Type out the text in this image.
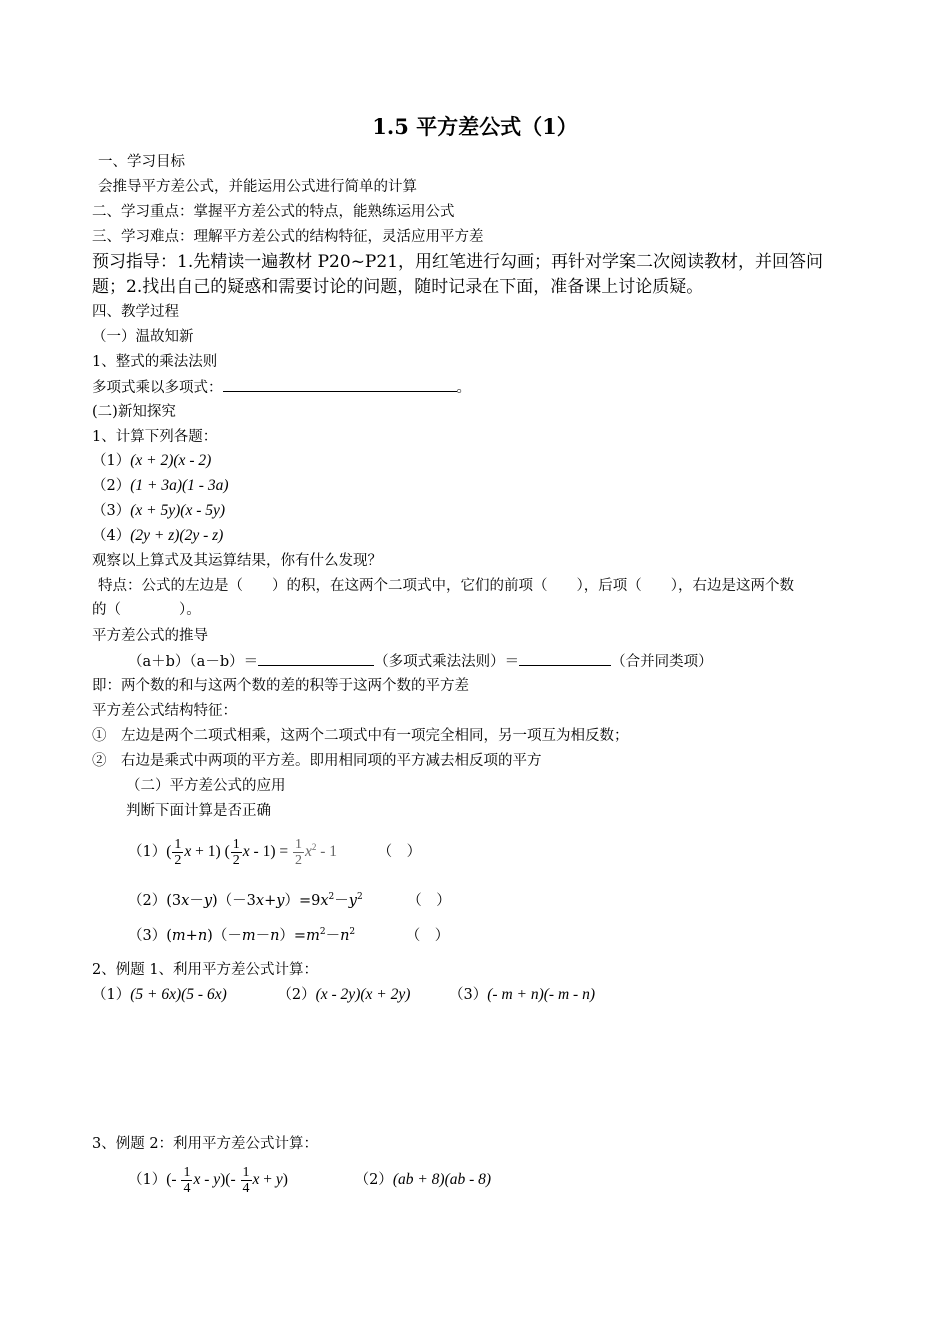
1.5 平方差公式（1）
一、学习目标
会推导平方差公式，并能运用公式进行简单的计算
二、学习重点：掌握平方差公式的特点，能熟练运用公式
三、学习难点：理解平方差公式的结构特征，灵活应用平方差
预习指导：1.先精读一遍教材 P20~P21，用红笔进行勾画；再针对学案二次阅读教材，并回答问
题；2.找出自己的疑惑和需要讨论的问题，随时记录在下面，准备课上讨论质疑。
四、教学过程
（一）温故知新
1、整式的乘法法则
多项式乘以多项式：	。
(二)新知探究
1、计算下列各题：
（1）(x + 2)(x - 2)
（2）(1 + 3a)(1 - 3a)
（3）(x + 5y)(x - 5y)
（4）(2y + z)(2y - z)
观察以上算式及其运算结果，你有什么发现？
特点：公式的左边是（　　）的积，在这两个二项式中，它们的前项（　　），后项（　　），右边是这两个数
的（　　　　）。
平方差公式的推导
（a＋b）（a－b）＝	（多项式乘法法则）＝	（合并同类项）
即：两个数的和与这两个数的差的积等于这两个数的平方差
平方差公式结构特征：
①　左边是两个二项式相乘，这两个二项式中有一项完全相同，另一项互为相反数；
②　右边是乘式中两项的平方差。即用相同项的平方减去相反项的平方
（二）平方差公式的应用
判断下面计算是否正确
$(1)( \frac{1}{2}$ x + 1) ( $\frac{1}{2}$ $x - 1) = \frac{1}{2} x^2 - 1$	（　）
$(2)(3x-y)(-3x+y)=9x^2-y^2$	（　）
$(3)(m+n)(-m-n)=m^2-n^2$	（　）
2、例题 1、利用平方差公式计算：
（1）(5 + 6x)(5 - 6x)	（2）(x - 2y)(x + 2y)	（3）(- m + n)(- m - n)
3、例题 2：利用平方差公式计算：
$(1)(- \frac{1}{4}$ x - $y)(- \frac{1}{4}$ x + y)	（2）(ab + 8)(ab - 8)
